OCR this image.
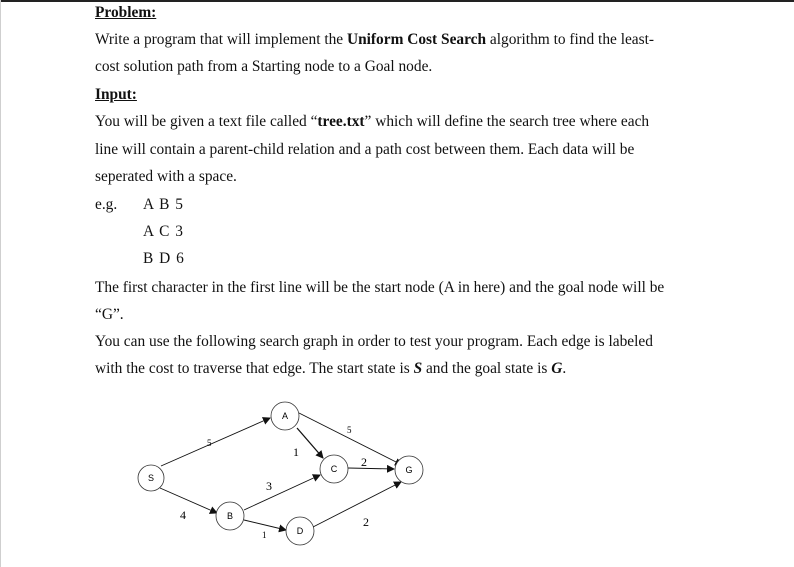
Problem:
Write a program that will implement the Uniform Cost Search algorithm to find the least-
cost solution path from a Starting node to a Goal node.
Input:
You will be given a text file called “tree.txt” which will define the search tree where each
line will contain a parent-child relation and a path cost between them. Each data will be
seperated with a space.
e.g. A B 5
A C 3
B D 6
The first character in the first line will be the start node (A in here) and the goal node will be
“G”.
You can use the following search graph in order to test your program. Each edge is labeled
with the cost to traverse that edge. The start state is S and the goal state is G.
5
4
1
5
3
1
2
2
S
A
B
C
D
G
